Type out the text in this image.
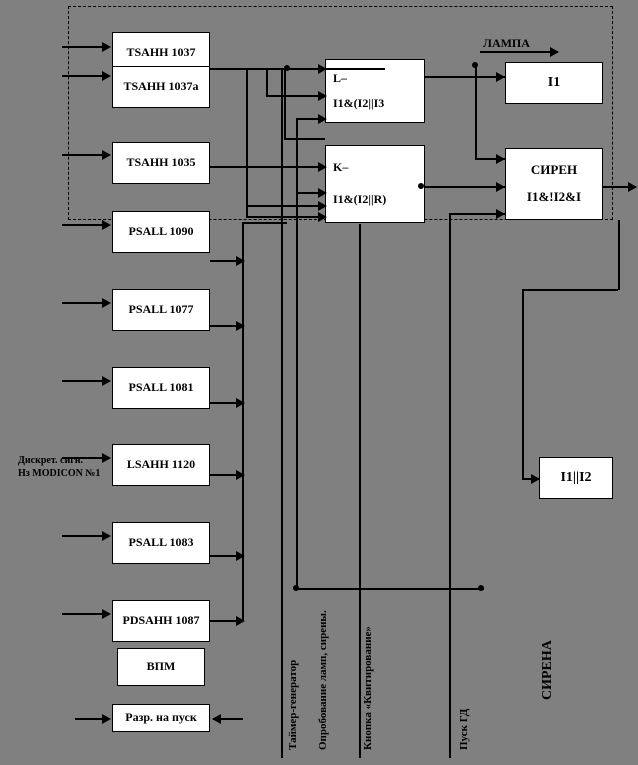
TSAHH 1037
TSAHH 1037a
TSAHH 1035
PSALL 1090
PSALL 1077
PSALL 1081
LSAHH 1120
PSALL 1083
PDSAHH 1087
ВПМ
Разр. на пуск
L–
I1&(I2||I3
K–
I1&(I2||R)
I1
СИРЕН
I1&!I2&I
I1||I2
ЛАМПА
Дискрет. сигн.
Нз MODICON №1
Таймер-генератор Опробование ламп, сирены.	Кнопка «Квитирование»	Пуск ГД
СИРЕНА
